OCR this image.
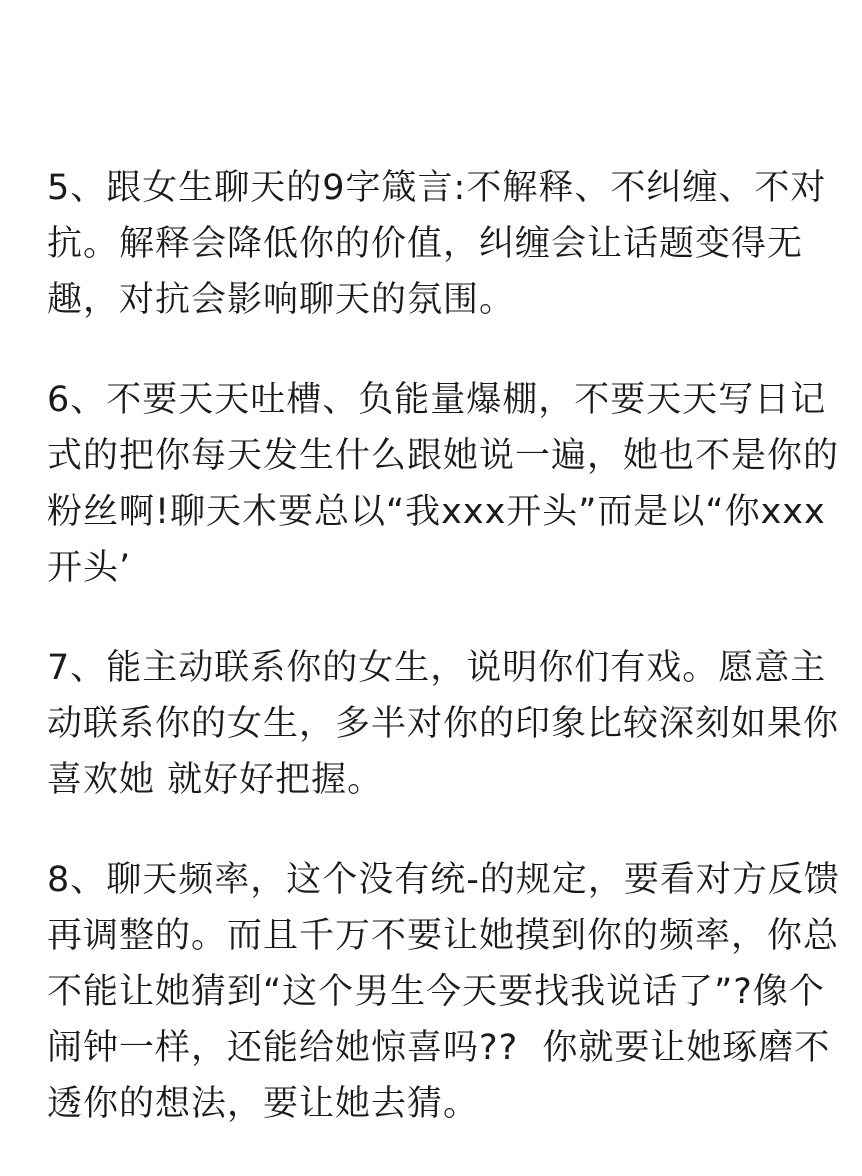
5、跟女生聊天的9字箴言:不解释、不纠缠、不对抗。解释会降低你的价值，纠缠会让话题变得无趣，对抗会影响聊天的氛围。

6、不要天天吐槽、负能量爆棚，不要天天写日记式的把你每天发生什么跟她说一遍，她也不是你的粉丝啊!聊天木要总以“我xxx开头”而是以“你xxx开头’

7、能主动联系你的女生，说明你们有戏。愿意主动联系你的女生，多半对你的印象比较深刻如果你喜欢她 就好好把握。

8、聊天频率，这个没有统-的规定，要看对方反馈再调整的。而且千万不要让她摸到你的频率，你总不能让她猜到“这个男生今天要找我说话了”?像个闹钟一样，还能给她惊喜吗??  你就要让她琢磨不透你的想法，要让她去猜。
